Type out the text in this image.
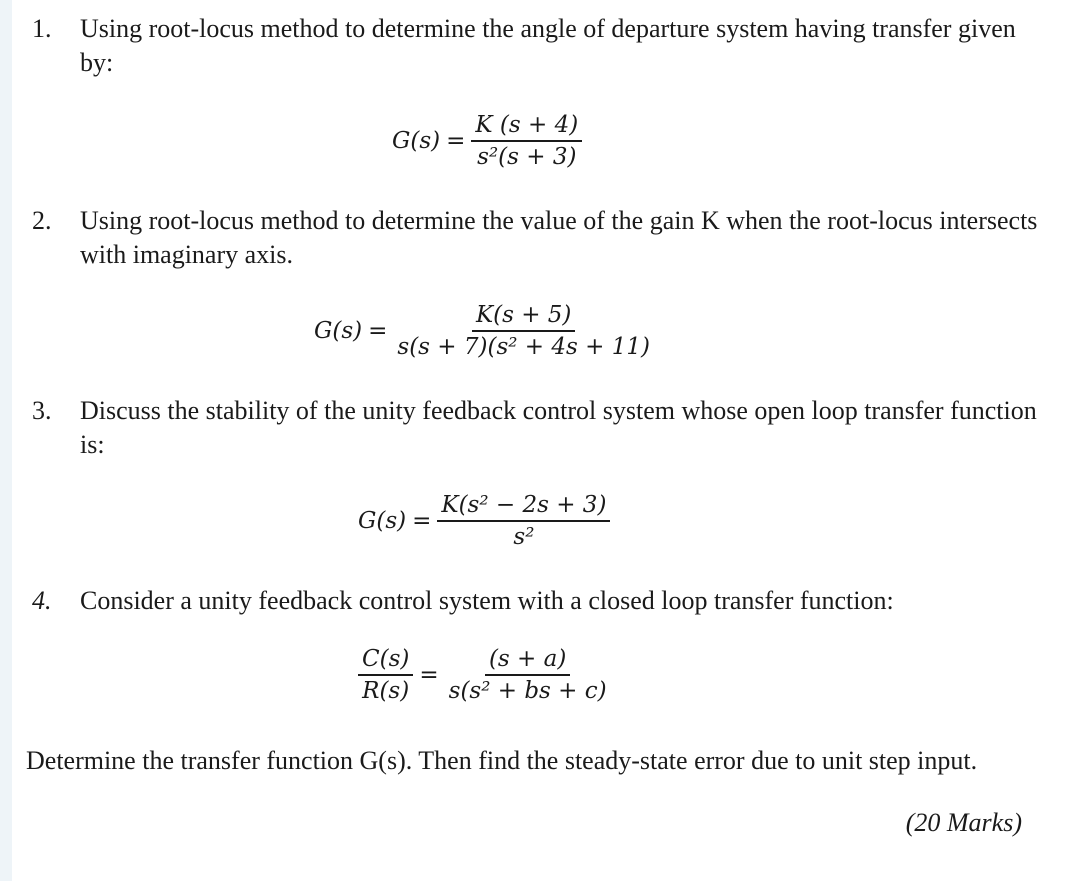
1. Using root-locus method to determine the angle of departure system having transfer given by:
$G(s) = \frac{K (s + 4)}{\text{s²(s + 3)}}$
2. Using root-locus method to determine the value of the gain K when the root-locus intersects with imaginary axis.
$G(s) = \frac{K(s + 5)}{\text{s(s + 7)(s² + 4s + 11)}}$
3. Discuss the stability of the unity feedback control system whose open loop transfer function is:
$G(s) = \frac{\text{K(s² − 2s + 3)}}{\text{s²}}$
4. Consider a unity feedback control system with a closed loop transfer function:
$\frac{C(s)}{R(s)} = \frac{(s + a)}{\text{s(s² + bs + c)}}$
Determine the transfer function G(s). Then find the steady-state error due to unit step input.
(20 Marks)
